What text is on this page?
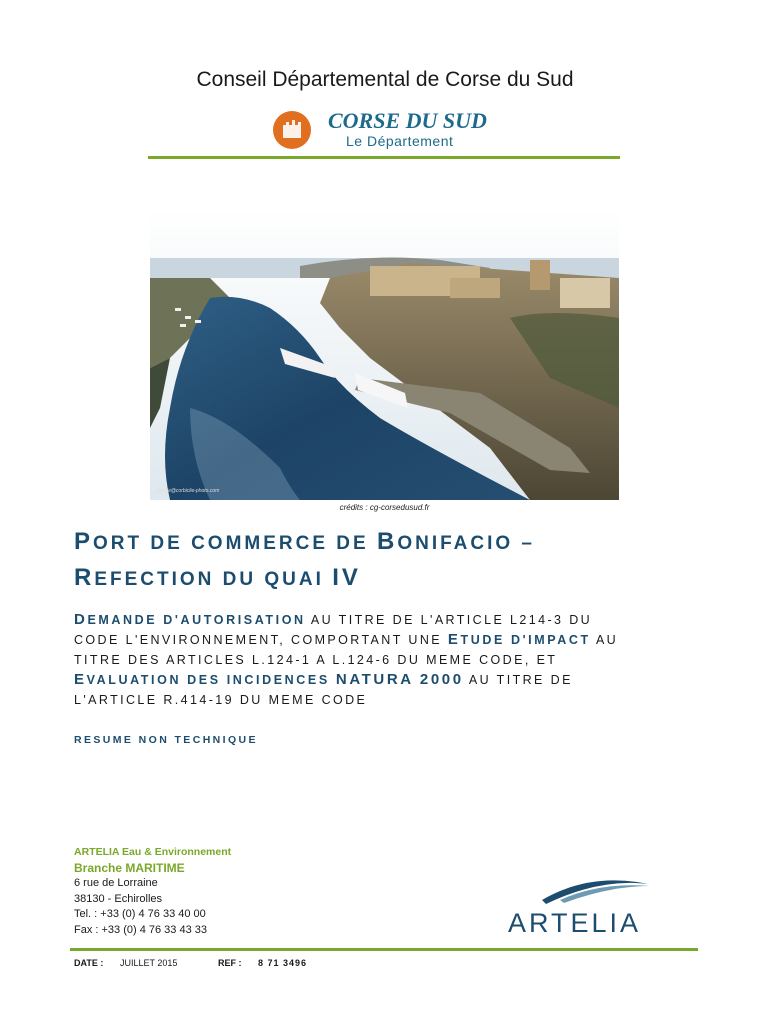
Conseil Départemental de Corse du Sud
CORSE DU SUD
Le Département
j.poulie@corbiclie-photo.com
crédits : cg-corsedusud.fr
PORT DE COMMERCE DE BONIFACIO –
REFECTION DU QUAI IV
DEMANDE D'AUTORISATION AU TITRE DE L'ARTICLE L214-3 DU
CODE L'ENVIRONNEMENT, COMPORTANT UNE ETUDE D'IMPACT AU
TITRE DES ARTICLES L.124-1 A L.124-6 DU MEME CODE, ET
EVALUATION DES INCIDENCES NATURA 2000 AU TITRE DE
L'ARTICLE R.414-19 DU MEME CODE
RESUME NON TECHNIQUE
ARTELIA Eau & Environnement
Branche MARITIME
6 rue de Lorraine
38130 - Echirolles
Tel. : +33 (0) 4 76 33 40 00
Fax : +33 (0) 4 76 33 43 33	ARTELIA
DATE : JUILLET 2015	REF : 8 71 3496
